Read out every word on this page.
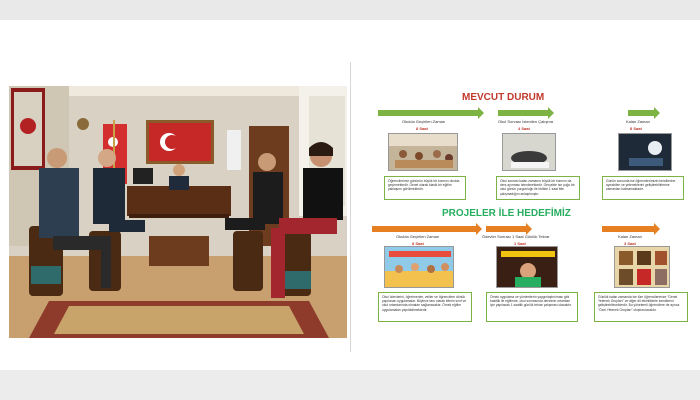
MEVCUT DURUM
Okulda Geçirilen Zaman
8 Saat
Okul Sonrası İstenilen Çalışma
4 Saat
Kalan Zaman
8 Saat
Öğrencilerimiz gününün büyük bir kısmını okulda geçirmektedir. Genel olarak klasik bir eğitim yaklaşımı görülmektedir.
Okul sonrası kalan zamanın büyük bir kısmını da ders ayırması istenilmektedir. Gerçekte ise çoğu bir okul günün yorgunluğu ile birlikte 1 saat bile çalışmadığını anlaşılmıştır.
Günün sonunda ise öğrencilerimizin kendilerine ayırabilen ve yeteneklerini geliştirebilirlerine zamanları kalmamaktadır.
PROJELER İLE HEDEFİMİZ
Okulda Geçirilen Zaman
8 Saat
Ödevler Sonrası 1 Saat Günlük Tekrar
1 Saat
Kalan Zaman
3 Saat
Okul ödevlerini, öğretmenler, veliler ve öğrencilere dönük yapılanan uygulamalar. Böylece tam olarak bilerin sınıf ve okul ortamlarında olmaları sağlanacaktır. Örnek eğitim uygulamaları yapılabilmektedir.
Örnek uygulama ve yöntemlerin yaygınlaştırılması gibi basitlik ile eğitimde, okul sonrasında derslerin ortamları için yapılacak 1 saatlik günlük tekrar çalışması olacaktır.
Günlük kalan zamanda ise tüm öğrencilerimize "Genel Yetenek Grupları" ve diğer dil etkinliklerle kendilerini geliştirebileceklerdir. Bu yönetemli öğrencilere de ayrıca "Özel Yetenek Grupları" oluşturulacaktır.
